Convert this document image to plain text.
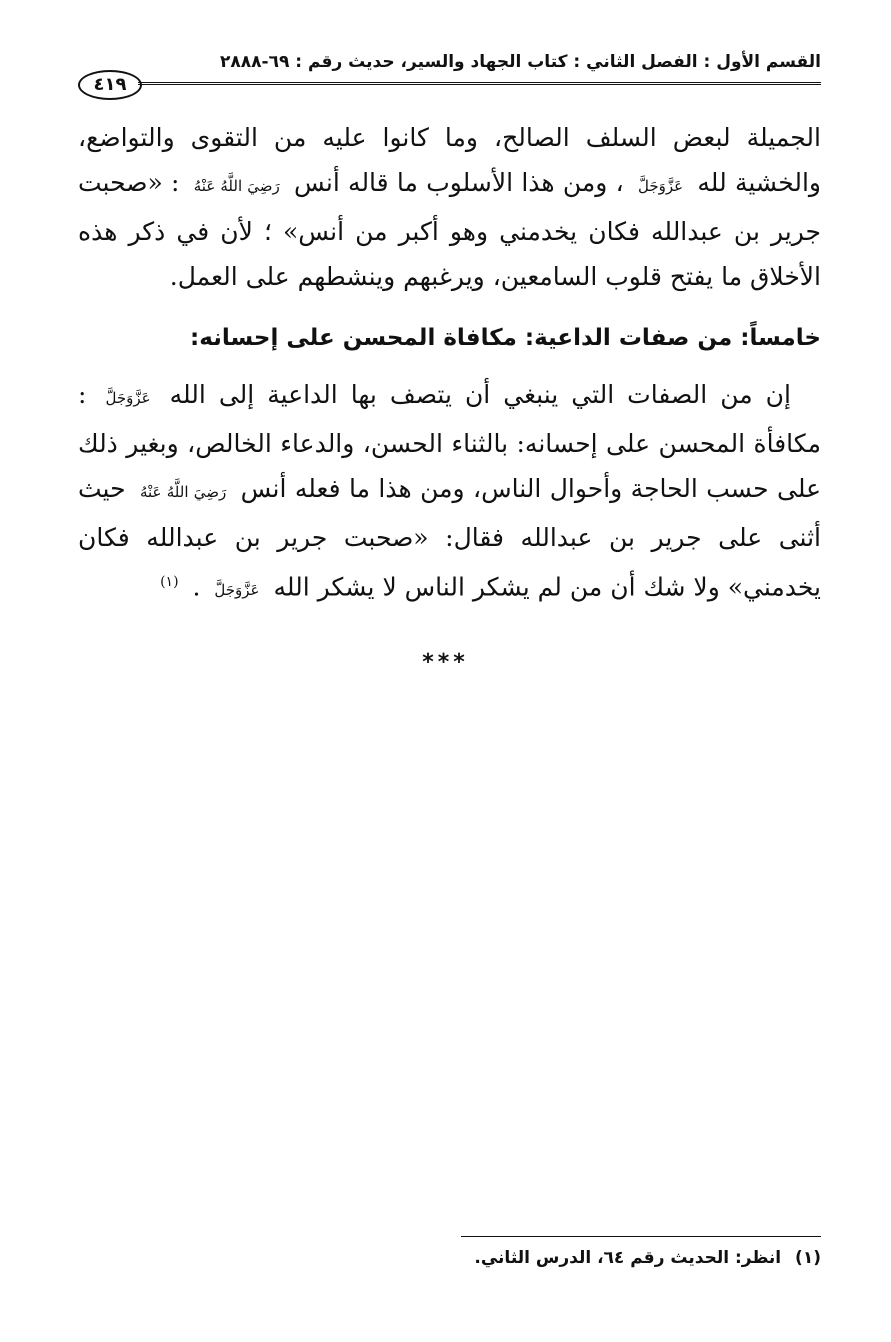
القسم الأول : الفصل الثاني : كتاب الجهاد والسير، حديث رقم : ٦٩-٢٨٨٨
٤١٩

الجميلة لبعض السلف الصالح، وما كانوا عليه من التقوى والتواضع، والخشية لله عَزَّوَجَلَّ ، ومن هذا الأسلوب ما قاله أنس رَضِيَ اللَّهُ عَنْهُ : «صحبت جرير بن عبدالله فكان يخدمني وهو أكبر من أنس» ؛ لأن في ذكر هذه الأخلاق ما يفتح قلوب السامعين، ويرغبهم وينشطهم على العمل.

خامساً: من صفات الداعية: مكافاة المحسن على إحسانه:

إن من الصفات التي ينبغي أن يتصف بها الداعية إلى الله عَزَّوَجَلَّ : مكافأة المحسن على إحسانه: بالثناء الحسن، والدعاء الخالص، وبغير ذلك على حسب الحاجة وأحوال الناس، ومن هذا ما فعله أنس رَضِيَ اللَّهُ عَنْهُ حيث أثنى على جرير بن عبدالله فقال: «صحبت جرير بن عبدالله فكان يخدمني» ولا شك أن من لم يشكر الناس لا يشكر الله عَزَّوَجَلَّ . $^{(١)}$

***
(١) انظر: الحديث رقم ٦٤، الدرس الثاني.
